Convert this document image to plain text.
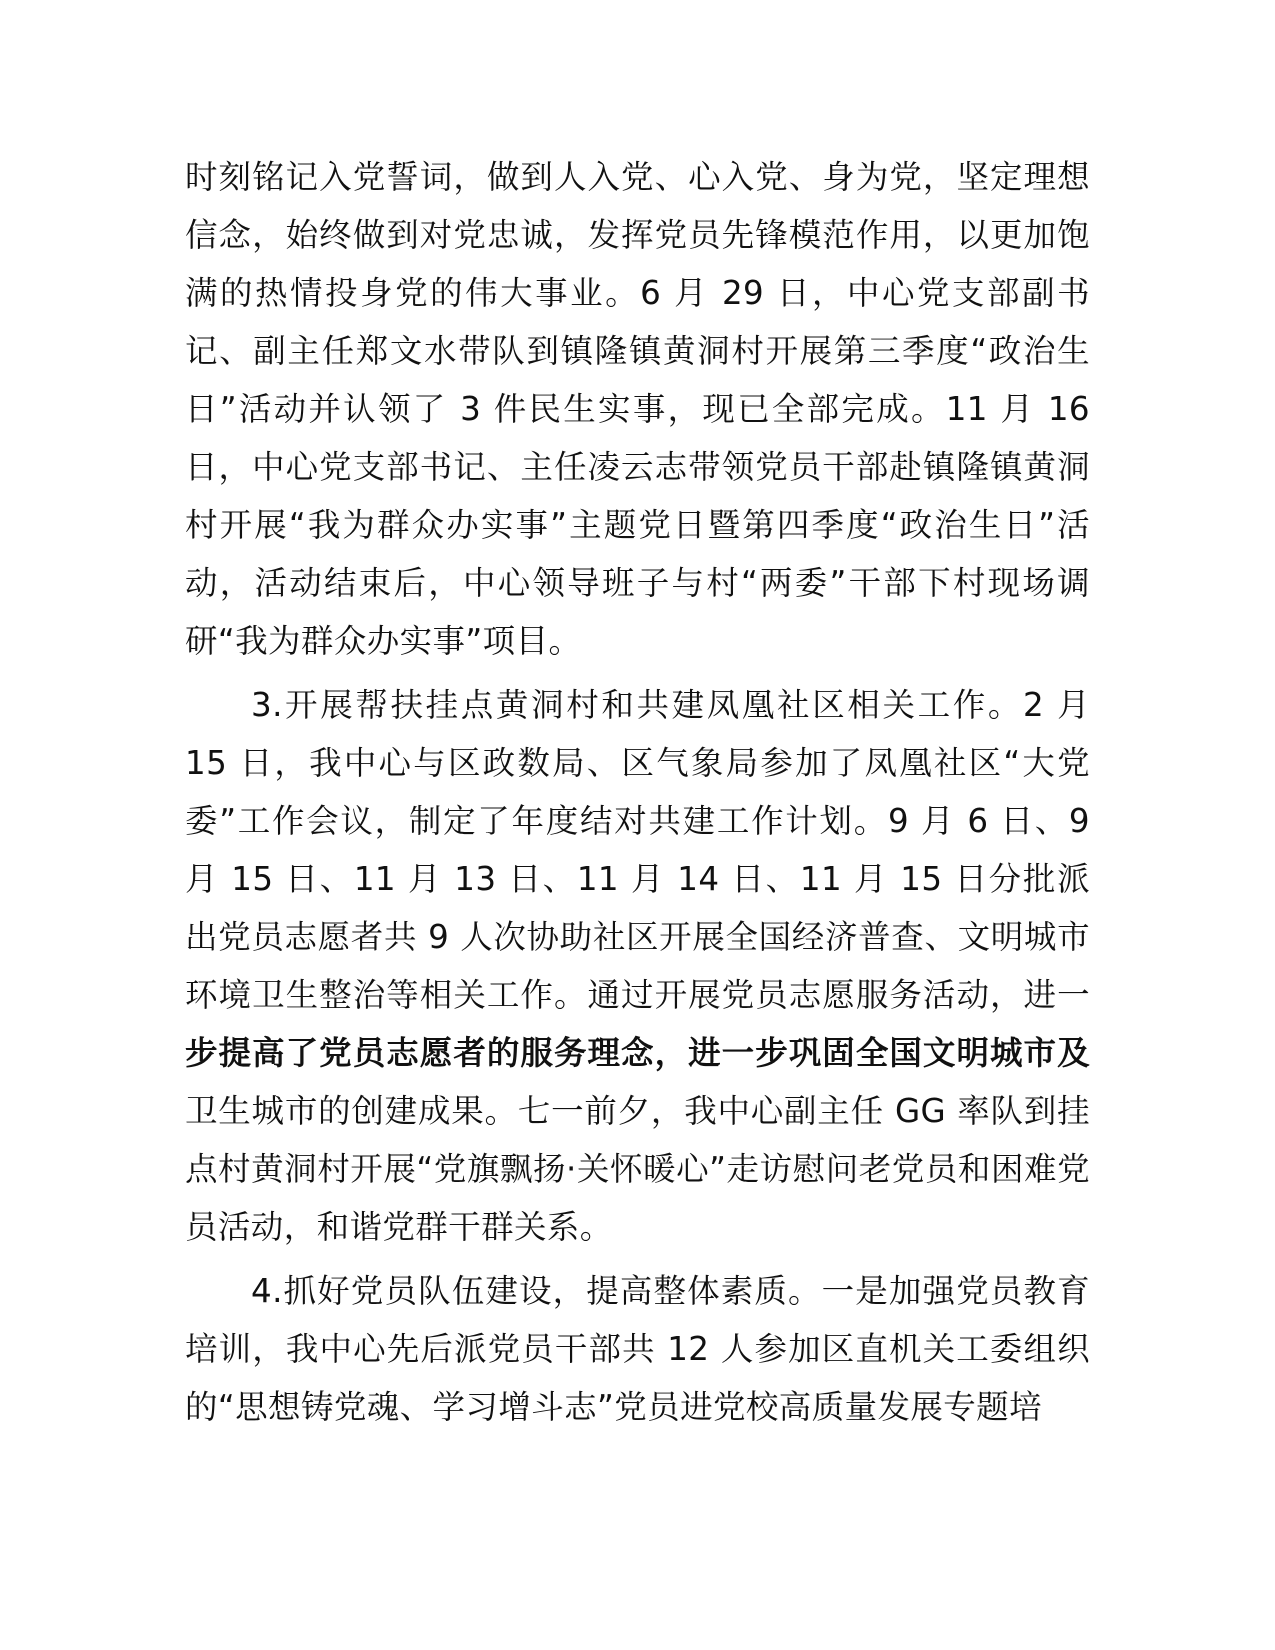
时刻铭记入党誓词，做到人入党、心入党、身为党，坚定理想信念，始终做到对党忠诚，发挥党员先锋模范作用，以更加饱满的热情投身党的伟大事业。6 月 29 日，中心党支部副书记、副主任郑文水带队到镇隆镇黄洞村开展第三季度“政治生日”活动并认领了 3 件民生实事，现已全部完成。11 月 16 日，中心党支部书记、主任凌云志带领党员干部赴镇隆镇黄洞村开展“我为群众办实事”主题党日暨第四季度“政治生日”活动，活动结束后，中心领导班子与村“两委”干部下村现场调研“我为群众办实事”项目。

3.开展帮扶挂点黄洞村和共建凤凰社区相关工作。2 月 15 日，我中心与区政数局、区气象局参加了凤凰社区“大党委”工作会议，制定了年度结对共建工作计划。9 月 6 日、9 月 15 日、11 月 13 日、11 月 14 日、11 月 15 日分批派出党员志愿者共 9 人次协助社区开展全国经济普查、文明城市环境卫生整治等相关工作。通过开展党员志愿服务活动，进一步提高了党员志愿者的服务理念，进一步巩固全国文明城市及卫生城市的创建成果。七一前夕，我中心副主任 GG 率队到挂点村黄洞村开展“党旗飘扬·关怀暖心”走访慰问老党员和困难党员活动，和谐党群干群关系。

4.抓好党员队伍建设，提高整体素质。一是加强党员教育培训，我中心先后派党员干部共 12 人参加区直机关工委组织的“思想铸党魂、学习增斗志”党员进党校高质量发展专题培
